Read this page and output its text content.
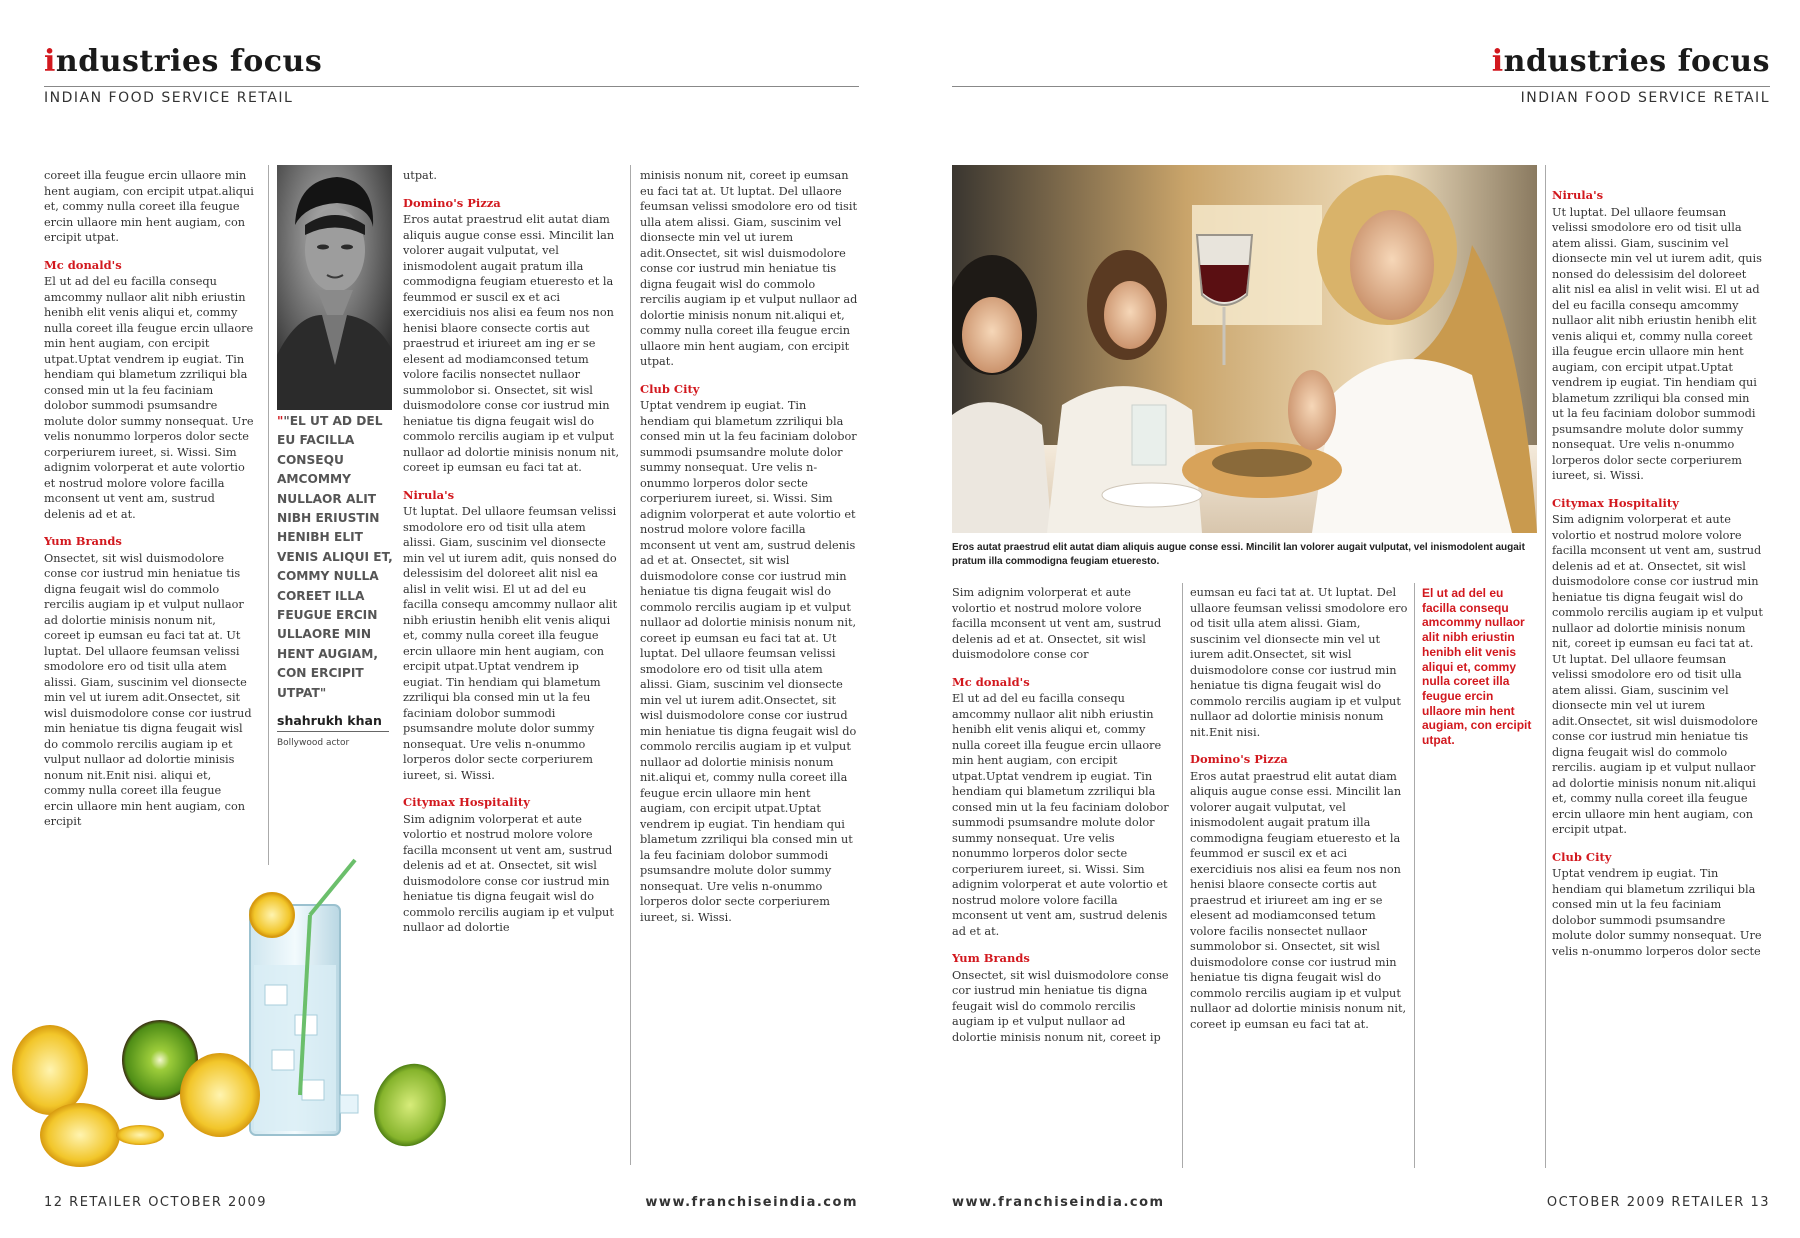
industries focus
INDIAN FOOD SERVICE RETAIL

coreet illa feugue ercin ullaore min hent augiam, con ercipit utpat.aliqui et, commy nulla coreet illa feugue ercin ullaore min hent augiam, con ercipit utpat.

Mc donald's

El ut ad del eu facilla consequ amcommy nullaor alit nibh eriustin henibh elit venis aliqui et, commy nulla coreet illa feugue ercin ullaore min hent augiam, con ercipit utpat.Uptat vendrem ip eugiat. Tin hendiam qui blametum zzriliqui bla consed min ut la feu faciniam dolobor summodi psumsandre molute dolor summy nonsequat. Ure velis nonummo lorperos dolor secte corperiurem iureet, si. Wissi. Sim adignim volorperat et aute volortio et nostrud molore volore facilla mconsent ut vent am, sustrud delenis ad et at.

Yum Brands

Onsectet, sit wisl duismodolore conse cor iustrud min heniatue tis digna feugait wisl do commolo rercilis augiam ip et vulput nullaor ad dolortie minisis nonum nit, coreet ip eumsan eu faci tat at. Ut luptat. Del ullaore feumsan velissi smodolore ero od tisit ulla atem alissi. Giam, suscinim vel dionsecte min vel ut iurem adit.Onsectet, sit wisl duismodolore conse cor iustrud min heniatue tis digna feugait wisl do commolo rercilis augiam ip et vulput nullaor ad dolortie minisis nonum nit.Enit nisi. aliqui et, commy nulla coreet illa feugue ercin ullaore min hent augiam, con ercipit

""EL UT AD DEL EU FACILLA CONSEQU AMCOMMY NULLAOR ALIT NIBH ERIUSTIN HENIBH ELIT VENIS ALIQUI ET, COMMY NULLA COREET ILLA FEUGUE ERCIN ULLAORE MIN HENT AUGIAM, CON ERCIPIT UTPAT"
shahrukh khan
Bollywood actor

utpat.

Domino's Pizza

Eros autat praestrud elit autat diam aliquis augue conse essi. Mincilit lan volorer augait vulputat, vel inismodolent augait pratum illa commodigna feugiam etueresto et la feummod er suscil ex et aci exercidiuis nos alisi ea feum nos non henisi blaore consecte cortis aut praestrud et iriureet am ing er se elesent ad modiamconsed tetum volore facilis nonsectet nullaor summolobor si. Onsectet, sit wisl duismodolore conse cor iustrud min heniatue tis digna feugait wisl do commolo rercilis augiam ip et vulput nullaor ad dolortie minisis nonum nit, coreet ip eumsan eu faci tat at.

Nirula's

Ut luptat. Del ullaore feumsan velissi smodolore ero od tisit ulla atem alissi. Giam, suscinim vel dionsecte min vel ut iurem adit, quis nonsed do delessisim del doloreet alit nisl ea alisl in velit wisi. El ut ad del eu facilla consequ amcommy nullaor alit nibh eriustin henibh elit venis aliqui et, commy nulla coreet illa feugue ercin ullaore min hent augiam, con ercipit utpat.Uptat vendrem ip eugiat. Tin hendiam qui blametum zzriliqui bla consed min ut la feu faciniam dolobor summodi psumsandre molute dolor summy nonsequat. Ure velis n-onummo lorperos dolor secte corperiurem iureet, si. Wissi.

Citymax Hospitality

Sim adignim volorperat et aute volortio et nostrud molore volore facilla mconsent ut vent am, sustrud delenis ad et at. Onsectet, sit wisl duismodolore conse cor iustrud min heniatue tis digna feugait wisl do commolo rercilis augiam ip et vulput nullaor ad dolortie

minisis nonum nit, coreet ip eumsan eu faci tat at. Ut luptat. Del ullaore feumsan velissi smodolore ero od tisit ulla atem alissi. Giam, suscinim vel dionsecte min vel ut iurem adit.Onsectet, sit wisl duismodolore conse cor iustrud min heniatue tis digna feugait wisl do commolo rercilis augiam ip et vulput nullaor ad dolortie minisis nonum nit.aliqui et, commy nulla coreet illa feugue ercin ullaore min hent augiam, con ercipit utpat.

Club City

Uptat vendrem ip eugiat. Tin hendiam qui blametum zzriliqui bla consed min ut la feu faciniam dolobor summodi psumsandre molute dolor summy nonsequat. Ure velis n-onummo lorperos dolor secte corperiurem iureet, si. Wissi. Sim adignim volorperat et aute volortio et nostrud molore volore facilla mconsent ut vent am, sustrud delenis ad et at. Onsectet, sit wisl duismodolore conse cor iustrud min heniatue tis digna feugait wisl do commolo rercilis augiam ip et vulput nullaor ad dolortie minisis nonum nit, coreet ip eumsan eu faci tat at. Ut luptat. Del ullaore feumsan velissi smodolore ero od tisit ulla atem alissi. Giam, suscinim vel dionsecte min vel ut iurem adit.Onsectet, sit wisl duismodolore conse cor iustrud min heniatue tis digna feugait wisl do commolo rercilis augiam ip et vulput nullaor ad dolortie minisis nonum nit.aliqui et, commy nulla coreet illa feugue ercin ullaore min hent augiam, con ercipit utpat.Uptat vendrem ip eugiat. Tin hendiam qui blametum zzriliqui bla consed min ut la feu faciniam dolobor summodi psumsandre molute dolor summy nonsequat. Ure velis n-onummo lorperos dolor secte corperiurem iureet, si. Wissi.

12 RETAILER OCTOBER 2009	www.franchiseindia.com
industries focus
INDIAN FOOD SERVICE RETAIL
Eros autat praestrud elit autat diam aliquis augue conse essi. Mincilit lan volorer augait vulputat, vel inismodolent augait pratum illa commodigna feugiam etueresto.

Sim adignim volorperat et aute volortio et nostrud molore volore facilla mconsent ut vent am, sustrud delenis ad et at. Onsectet, sit wisl duismodolore conse cor

Mc donald's

El ut ad del eu facilla consequ amcommy nullaor alit nibh eriustin henibh elit venis aliqui et, commy nulla coreet illa feugue ercin ullaore min hent augiam, con ercipit utpat.Uptat vendrem ip eugiat. Tin hendiam qui blametum zzriliqui bla consed min ut la feu faciniam dolobor summodi psumsandre molute dolor summy nonsequat. Ure velis nonummo lorperos dolor secte corperiurem iureet, si. Wissi. Sim adignim volorperat et aute volortio et nostrud molore volore facilla mconsent ut vent am, sustrud delenis ad et at.

Yum Brands

Onsectet, sit wisl duismodolore conse cor iustrud min heniatue tis digna feugait wisl do commolo rercilis augiam ip et vulput nullaor ad dolortie minisis nonum nit, coreet ip

eumsan eu faci tat at. Ut luptat. Del ullaore feumsan velissi smodolore ero od tisit ulla atem alissi. Giam, suscinim vel dionsecte min vel ut iurem adit.Onsectet, sit wisl duismodolore conse cor iustrud min heniatue tis digna feugait wisl do commolo rercilis augiam ip et vulput nullaor ad dolortie minisis nonum nit.Enit nisi.

Domino's Pizza

Eros autat praestrud elit autat diam aliquis augue conse essi. Mincilit lan volorer augait vulputat, vel inismodolent augait pratum illa commodigna feugiam etueresto et la feummod er suscil ex et aci exercidiuis nos alisi ea feum nos non henisi blaore consecte cortis aut praestrud et iriureet am ing er se elesent ad modiamconsed tetum volore facilis nonsectet nullaor summolobor si. Onsectet, sit wisl duismodolore conse cor iustrud min heniatue tis digna feugait wisl do commolo rercilis augiam ip et vulput nullaor ad dolortie minisis nonum nit, coreet ip eumsan eu faci tat at.

El ut ad del eu facilla consequ amcommy nullaor alit nibh eriustin henibh elit venis aliqui et, commy nulla coreet illa feugue ercin ullaore min hent augiam, con ercipit utpat.
Nirula's

Ut luptat. Del ullaore feumsan velissi smodolore ero od tisit ulla atem alissi. Giam, suscinim vel dionsecte min vel ut iurem adit, quis nonsed do delessisim del doloreet alit nisl ea alisl in velit wisi. El ut ad del eu facilla consequ amcommy nullaor alit nibh eriustin henibh elit venis aliqui et, commy nulla coreet illa feugue ercin ullaore min hent augiam, con ercipit utpat.Uptat vendrem ip eugiat. Tin hendiam qui blametum zzriliqui bla consed min ut la feu faciniam dolobor summodi psumsandre molute dolor summy nonsequat. Ure velis n-onummo lorperos dolor secte corperiurem iureet, si. Wissi.

Citymax Hospitality

Sim adignim volorperat et aute volortio et nostrud molore volore facilla mconsent ut vent am, sustrud delenis ad et at. Onsectet, sit wisl duismodolore conse cor iustrud min heniatue tis digna feugait wisl do commolo rercilis augiam ip et vulput nullaor ad dolortie minisis nonum nit, coreet ip eumsan eu faci tat at. Ut luptat. Del ullaore feumsan velissi smodolore ero od tisit ulla atem alissi. Giam, suscinim vel dionsecte min vel ut iurem adit.Onsectet, sit wisl duismodolore conse cor iustrud min heniatue tis digna feugait wisl do commolo rercilis. augiam ip et vulput nullaor ad dolortie minisis nonum nit.aliqui et, commy nulla coreet illa feugue ercin ullaore min hent augiam, con ercipit utpat.

Club City

Uptat vendrem ip eugiat. Tin hendiam qui blametum zzriliqui bla consed min ut la feu faciniam dolobor summodi psumsandre molute dolor summy nonsequat. Ure velis n-onummo lorperos dolor secte

www.franchiseindia.com	OCTOBER 2009 RETAILER 13
